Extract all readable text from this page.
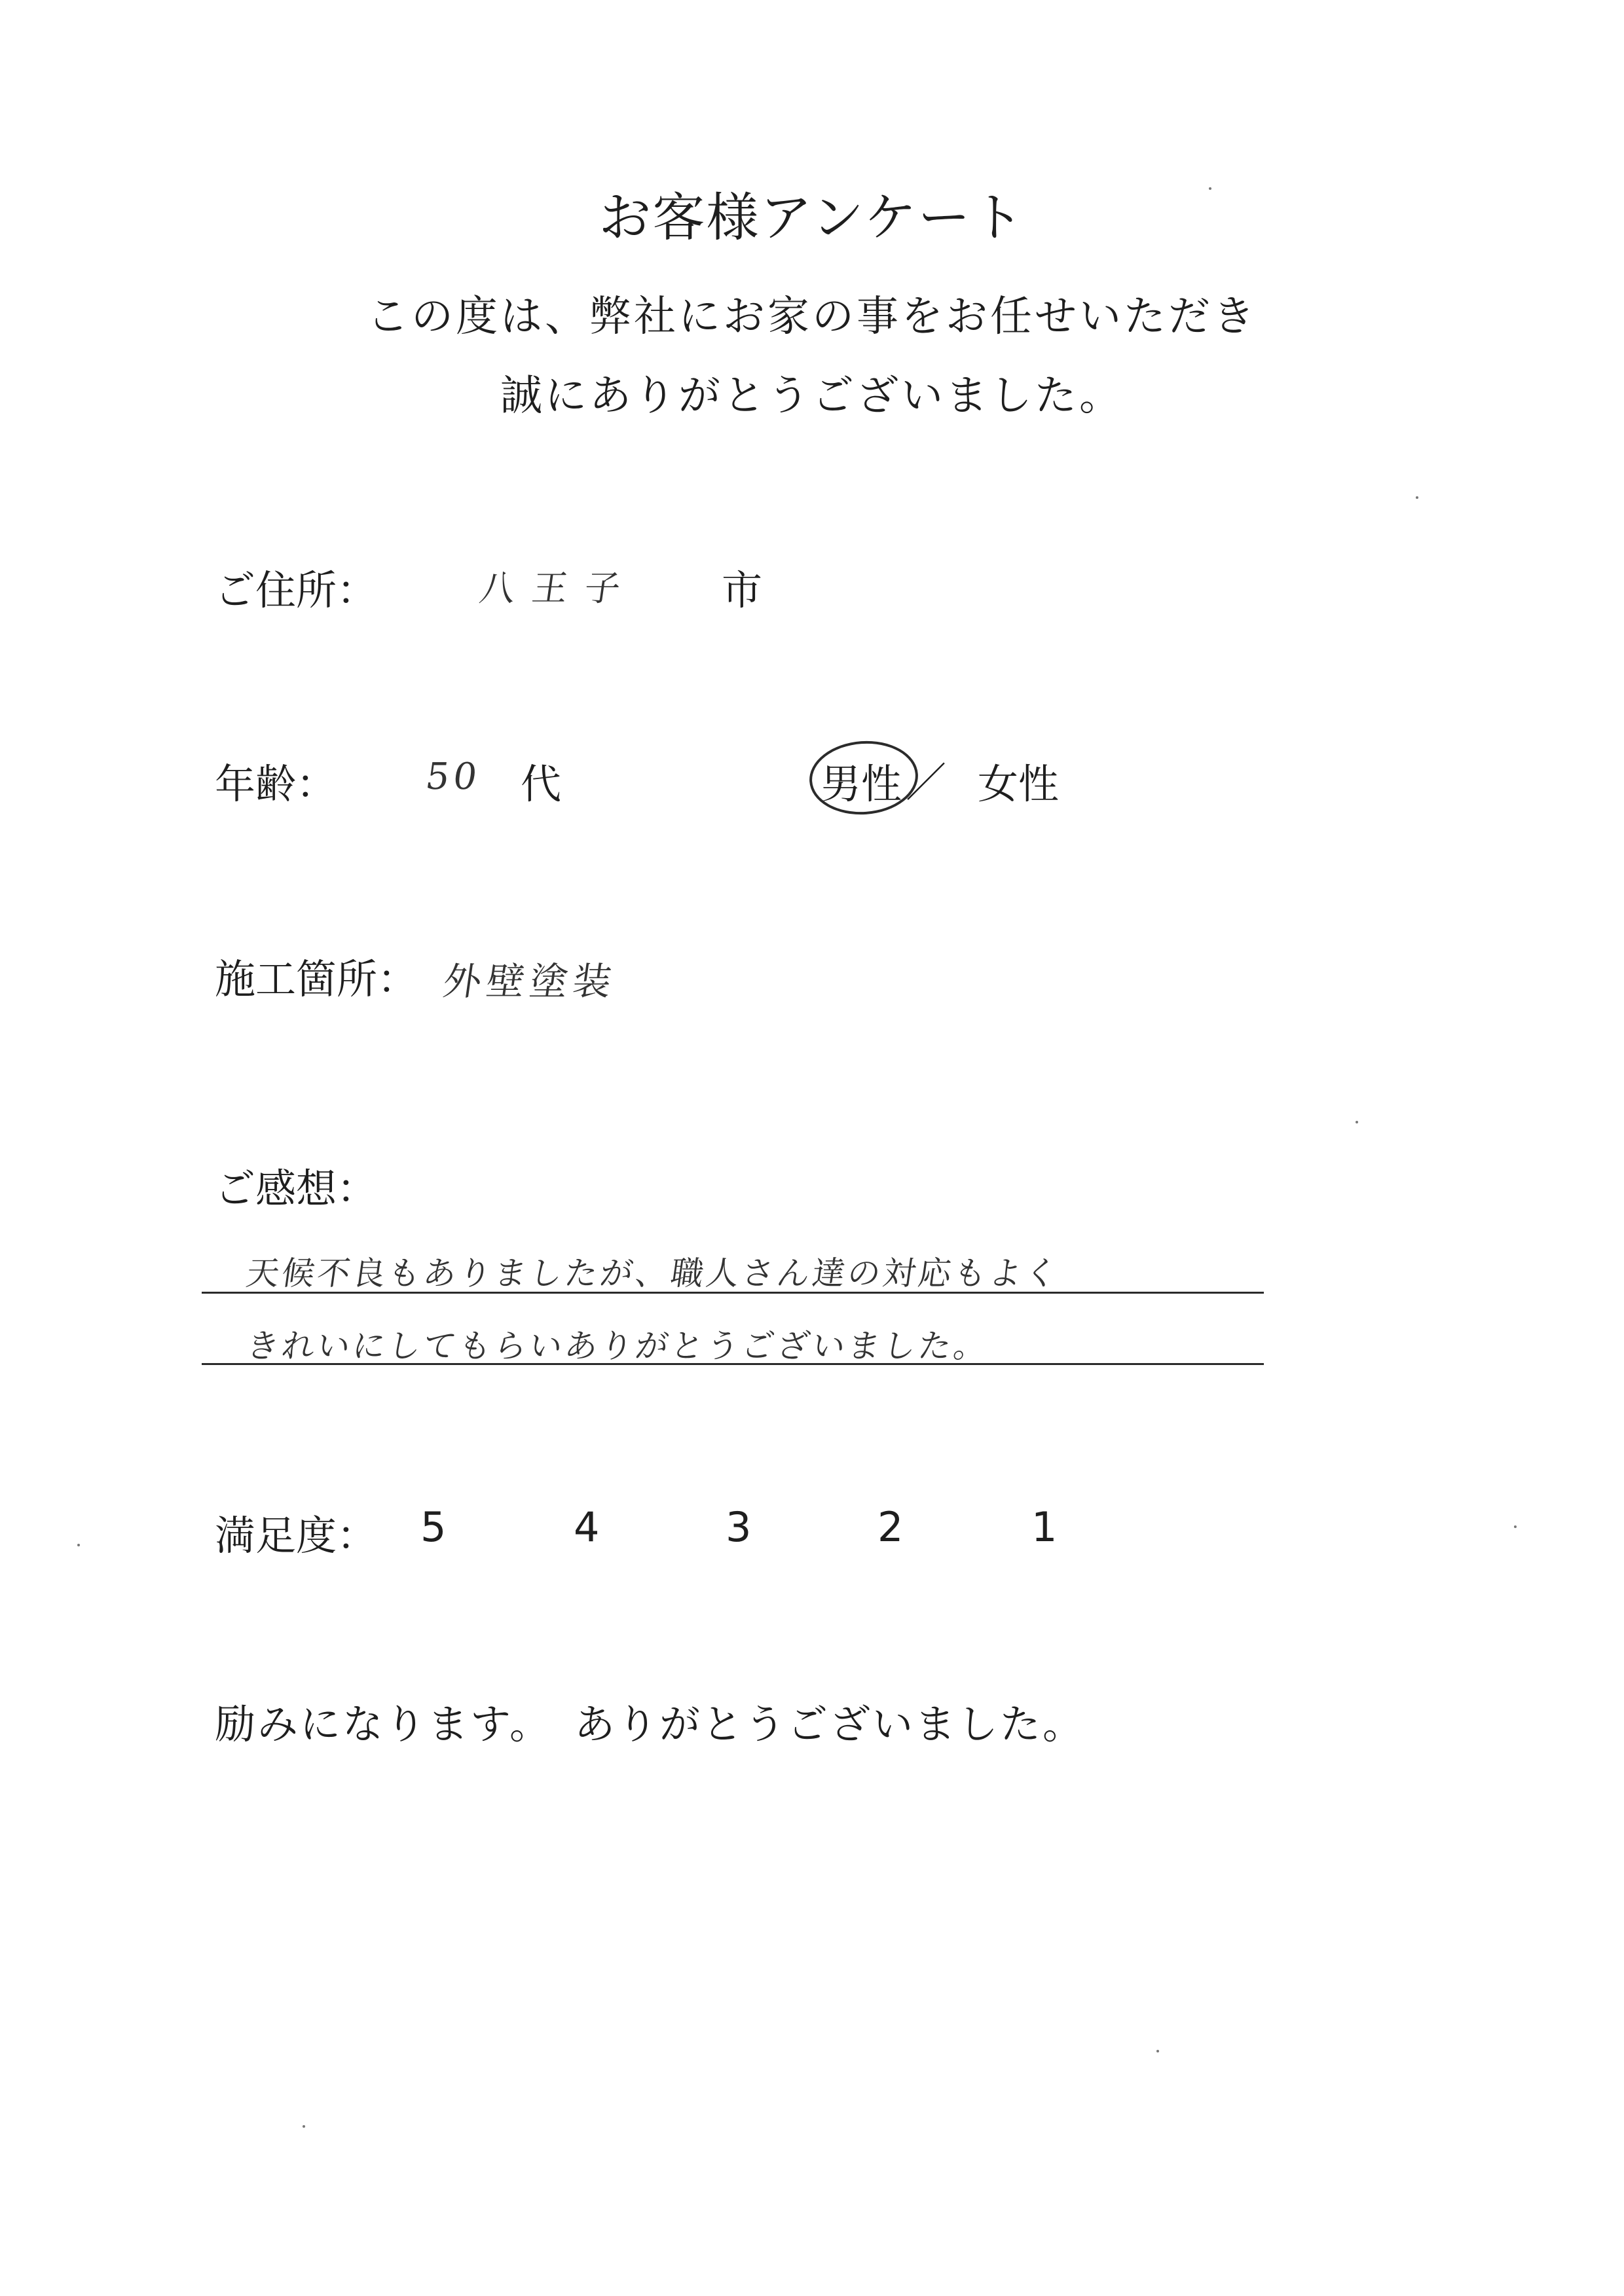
お客様アンケート
この度は、弊社にお家の事をお任せいただき
誠にありがとうございました。
ご住所：	八王子 市
年齢： 50 代	男性 ／ 女性
施工箇所： 外壁塗装
ご感想：
天候不良もありましたが、職人さん達の対応もよく
きれいにしてもらいありがとうございました。
満足度： 5	4	3	2	1
励みになります。　ありがとうございました。
